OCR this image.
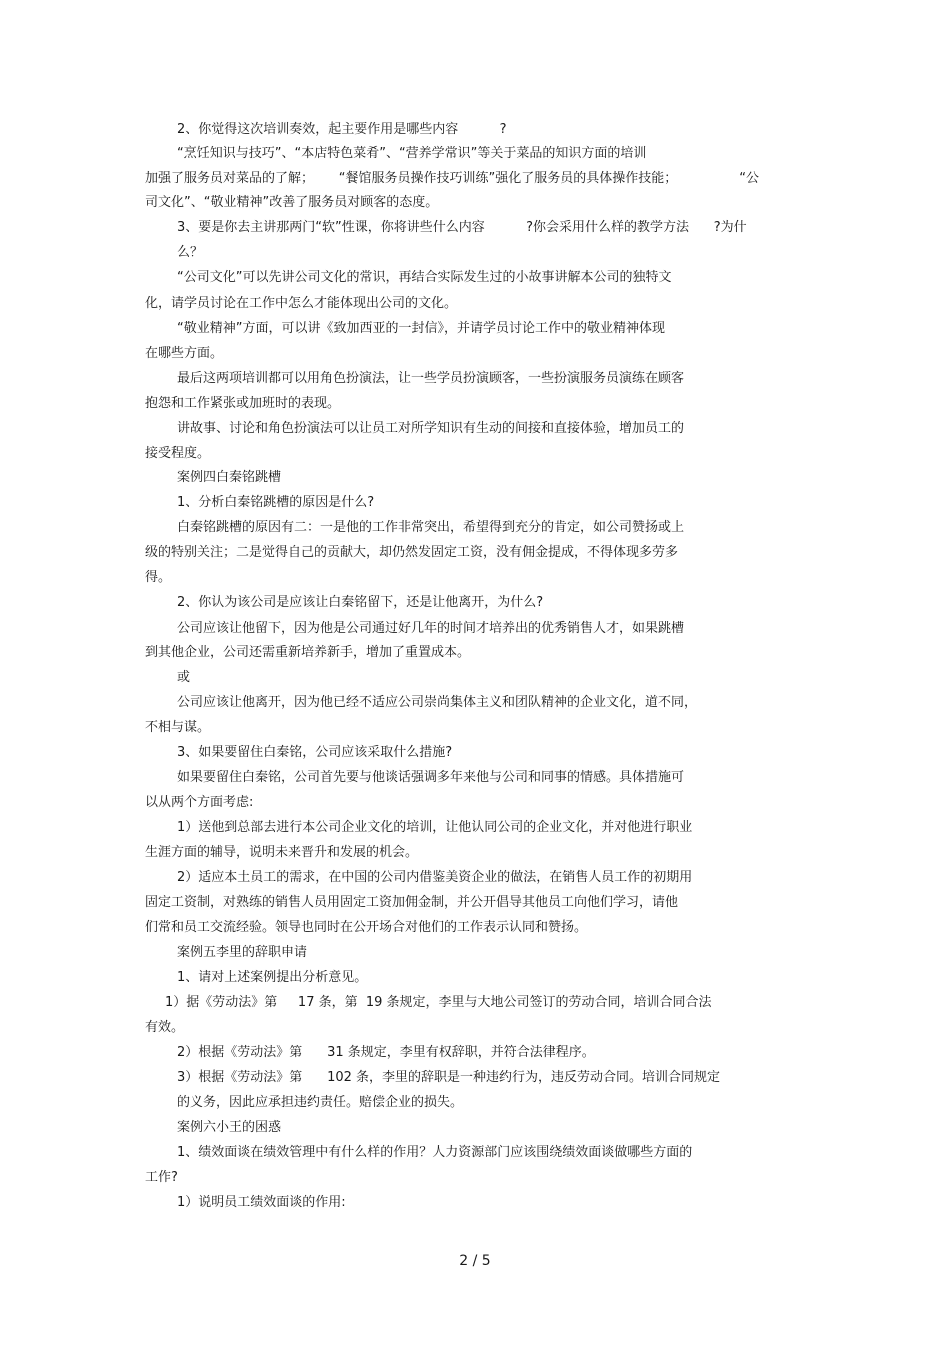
2、你觉得这次培训奏效，起主要作用是哪些内容          ?

“烹饪知识与技巧”、“本店特色菜肴”、“营养学常识”等关于菜品的知识方面的培训

加强了服务员对菜品的了解；      “餐馆服务员操作技巧训练”强化了服务员的具体操作技能；               “公

司文化”、“敬业精神”改善了服务员对顾客的态度。

3、要是你去主讲那两门“软”性课，你将讲些什么内容          ?你会采用什么样的教学方法      ?为什

么？

“公司文化”可以先讲公司文化的常识，再结合实际发生过的小故事讲解本公司的独特文

化，请学员讨论在工作中怎么才能体现出公司的文化。

“敬业精神”方面，可以讲《致加西亚的一封信》，并请学员讨论工作中的敬业精神体现

在哪些方面。

最后这两项培训都可以用角色扮演法，让一些学员扮演顾客，一些扮演服务员演练在顾客

抱怨和工作紧张或加班时的表现。

讲故事、讨论和角色扮演法可以让员工对所学知识有生动的间接和直接体验，增加员工的

接受程度。

案例四白秦铭跳槽

1、分析白秦铭跳槽的原因是什么?

白秦铭跳槽的原因有二：一是他的工作非常突出，希望得到充分的肯定，如公司赞扬或上

级的特别关注；二是觉得自己的贡献大，却仍然发固定工资，没有佣金提成，不得体现多劳多

得。

2、你认为该公司是应该让白秦铭留下，还是让他离开，为什么?

公司应该让他留下，因为他是公司通过好几年的时间才培养出的优秀销售人才，如果跳槽

到其他企业，公司还需重新培养新手，增加了重置成本。

或

公司应该让他离开，因为他已经不适应公司崇尚集体主义和团队精神的企业文化，道不同，

不相与谋。

3、如果要留住白秦铭，公司应该采取什么措施?

如果要留住白秦铭，公司首先要与他谈话强调多年来他与公司和同事的情感。具体措施可

以从两个方面考虑:

1）送他到总部去进行本公司企业文化的培训，让他认同公司的企业文化，并对他进行职业

生涯方面的辅导，说明未来晋升和发展的机会。

2）适应本土员工的需求，在中国的公司内借鉴美资企业的做法，在销售人员工作的初期用

固定工资制，对熟练的销售人员用固定工资加佣金制，并公开倡导其他员工向他们学习，请他

们常和员工交流经验。领导也同时在公开场合对他们的工作表示认同和赞扬。

案例五李里的辞职申请

1、请对上述案例提出分析意见。

1）据《劳动法》第     17 条，第  19 条规定，李里与大地公司签订的劳动合同，培训合同合法

有效。

2）根据《劳动法》第      31 条规定，李里有权辞职，并符合法律程序。

3）根据《劳动法》第      102 条，李里的辞职是一种违约行为，违反劳动合同。培训合同规定

的义务，因此应承担违约责任。赔偿企业的损失。

案例六小王的困惑

1、绩效面谈在绩效管理中有什么样的作用？人力资源部门应该围绕绩效面谈做哪些方面的

工作?

1）说明员工绩效面谈的作用:

2 / 5
